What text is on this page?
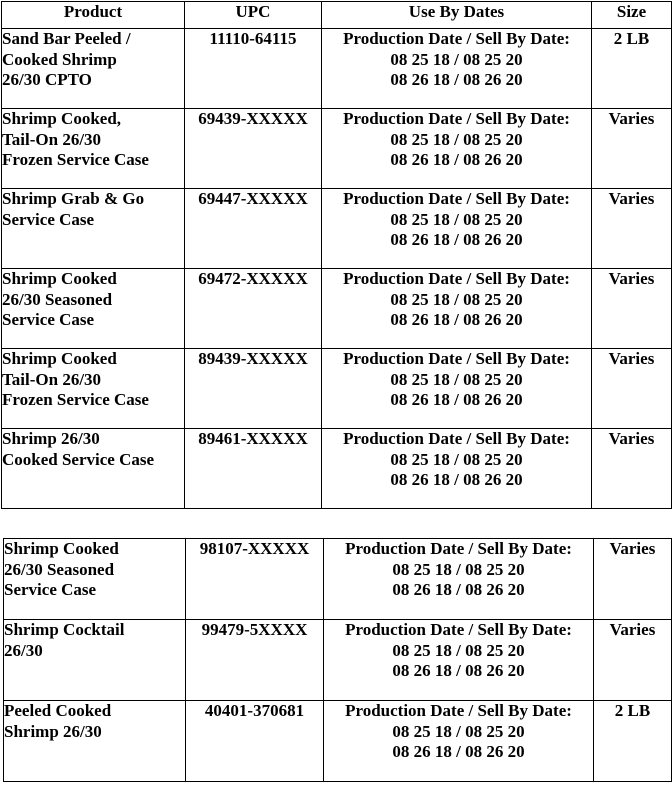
Product	UPC	Use By Dates	Size

Sand Bar Peeled /
Cooked Shrimp
26/30 CPTO	11110-64115	Production Date / Sell By Date:
08 25 18 / 08 25 20
08 26 18 / 08 26 20	2 LB

Shrimp Cooked,
Tail-On 26/30
Frozen Service Case	69439-XXXXX	Production Date / Sell By Date:
08 25 18 / 08 25 20
08 26 18 / 08 26 20	Varies

Shrimp Grab & Go
Service Case	69447-XXXXX	Production Date / Sell By Date:
08 25 18 / 08 25 20
08 26 18 / 08 26 20	Varies

Shrimp Cooked
26/30 Seasoned
Service Case	69472-XXXXX	Production Date / Sell By Date:
08 25 18 / 08 25 20
08 26 18 / 08 26 20	Varies

Shrimp Cooked
Tail-On 26/30
Frozen Service Case	89439-XXXXX	Production Date / Sell By Date:
08 25 18 / 08 25 20
08 26 18 / 08 26 20	Varies

Shrimp 26/30
Cooked Service Case	89461-XXXXX	Production Date / Sell By Date:
08 25 18 / 08 25 20
08 26 18 / 08 26 20	Varies
Shrimp Cooked
26/30 Seasoned
Service Case	98107-XXXXX	Production Date / Sell By Date:
08 25 18 / 08 25 20
08 26 18 / 08 26 20	Varies

Shrimp Cocktail
26/30	99479-5XXXX	Production Date / Sell By Date:
08 25 18 / 08 25 20
08 26 18 / 08 26 20	Varies

Peeled Cooked
Shrimp 26/30	40401-370681	Production Date / Sell By Date:
08 25 18 / 08 25 20
08 26 18 / 08 26 20	2 LB
